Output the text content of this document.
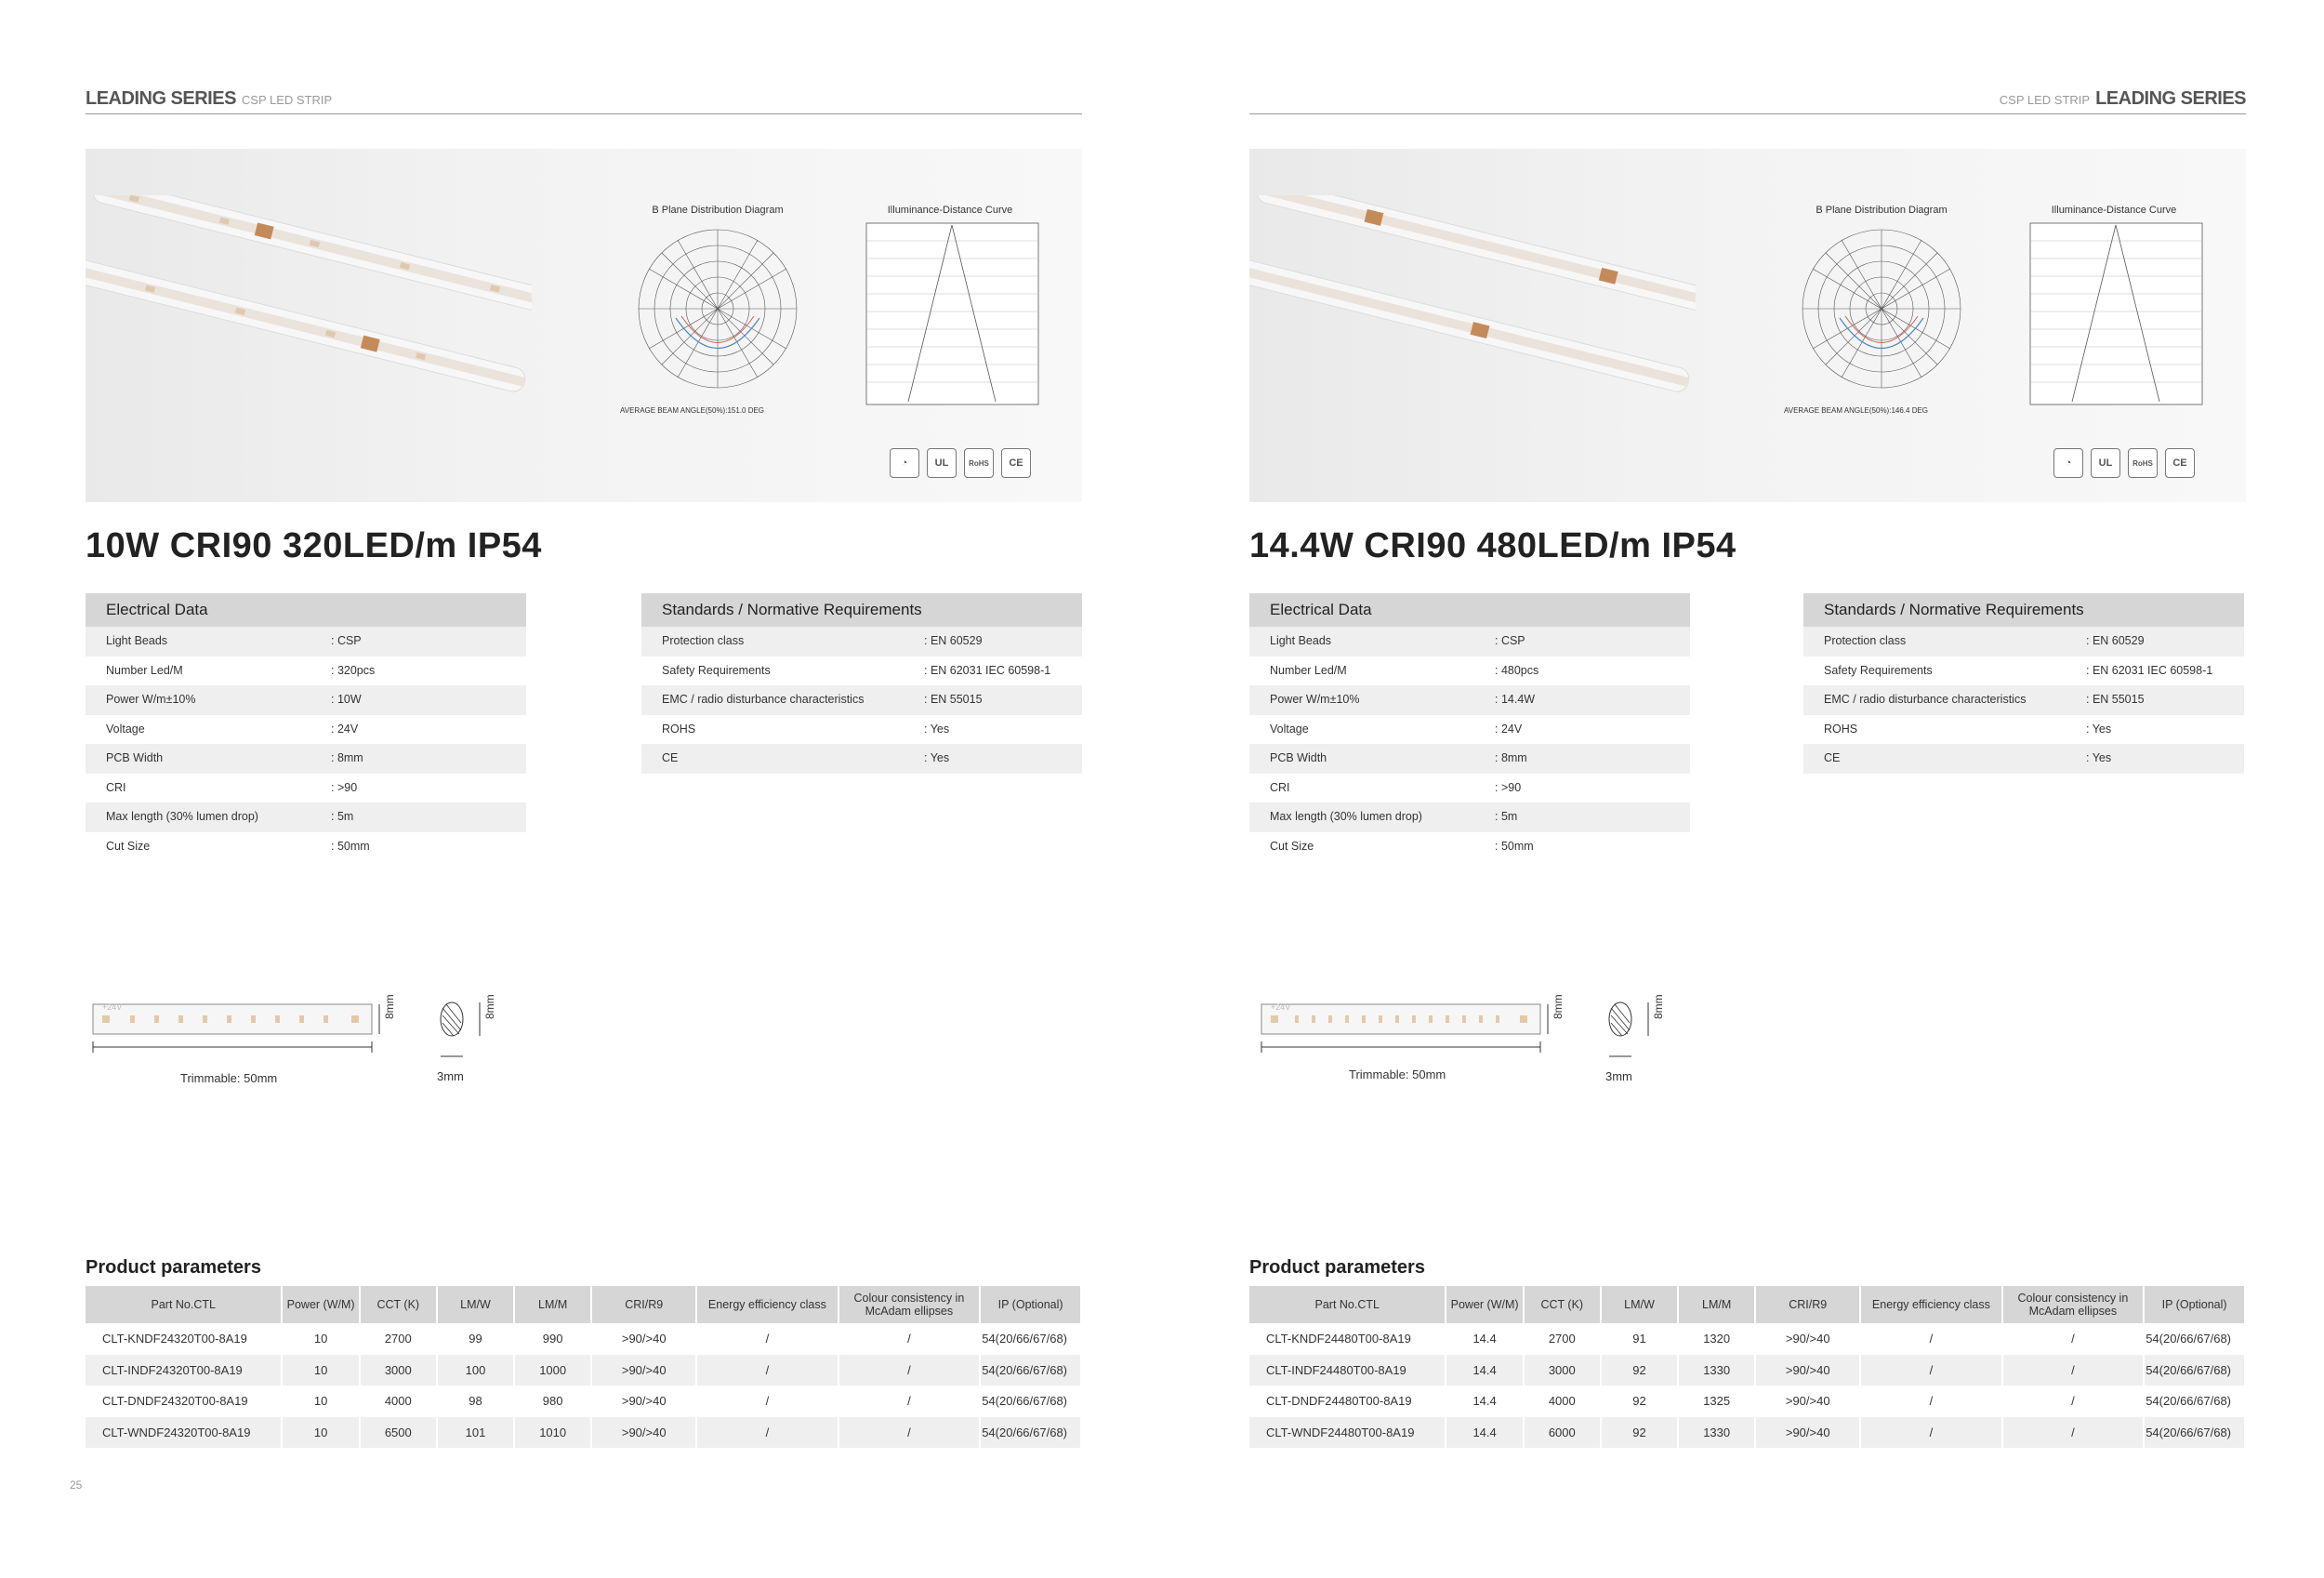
LEADING SERIES CSP LED STRIP
B Plane Distribution Diagram
AVERAGE BEAM ANGLE(50%):151.0 DEG
Illuminance-Distance Curve
◔	UL	RoHS	CE
10W CRI90 320LED/m IP54
Electrical Data
Light Beads	: CSP
Number Led/M	: 320pcs
Power W/m±10%	: 10W
Voltage	: 24V
PCB Width	: 8mm
CRI	: >90
Max length (30% lumen drop)	: 5m
Cut Size	: 50mm
Standards / Normative Requirements
Protection class	: EN 60529
Safety Requirements	: EN 62031 IEC 60598-1
EMC / radio disturbance characteristics	: EN 55015
ROHS	: Yes
CE	: Yes
+24V
Trimmable: 50mm
8mm	8mm
3mm
Product parameters
Part No.CTL	Power (W/M)	CCT (K)	LM/W	LM/M	CRI/R9	Energy efficiency class	Colour consistency in McAdam ellipses	IP (Optional)
CLT-KNDF24320T00-8A19	10	2700	99	990	>90/>40	/	/	54(20/66/67/68)
CLT-INDF24320T00-8A19	10	3000	100	1000	>90/>40	/	/	54(20/66/67/68)
CLT-DNDF24320T00-8A19	10	4000	98	980	>90/>40	/	/	54(20/66/67/68)
CLT-WNDF24320T00-8A19	10	6500	101	1010	>90/>40	/	/	54(20/66/67/68)
25
CSP LED STRIP LEADING SERIES
B Plane Distribution Diagram
AVERAGE BEAM ANGLE(50%):146.4 DEG
Illuminance-Distance Curve
◔	UL	RoHS	CE
14.4W CRI90 480LED/m IP54
Electrical Data
Light Beads	: CSP
Number Led/M	: 480pcs
Power W/m±10%	: 14.4W
Voltage	: 24V
PCB Width	: 8mm
CRI	: >90
Max length (30% lumen drop)	: 5m
Cut Size	: 50mm
Standards / Normative Requirements
Protection class	: EN 60529
Safety Requirements	: EN 62031 IEC 60598-1
EMC / radio disturbance characteristics	: EN 55015
ROHS	: Yes
CE	: Yes
Product parameters
Part No.CTL	Power (W/M)	CCT (K)	LM/W	LM/M	CRI/R9	Energy efficiency class	Colour consistency in McAdam ellipses	IP (Optional)
CLT-KNDF24480T00-8A19	14.4	2700	91	1320	>90/>40	/	/	54(20/66/67/68)
CLT-INDF24480T00-8A19	14.4	3000	92	1330	>90/>40	/	/	54(20/66/67/68)
CLT-DNDF24480T00-8A19	14.4	4000	92	1325	>90/>40	/	/	54(20/66/67/68)
CLT-WNDF24480T00-8A19	14.4	6000	92	1330	>90/>40	/	/	54(20/66/67/68)
+24V
Trimmable: 50mm
8mm	8mm
3mm
